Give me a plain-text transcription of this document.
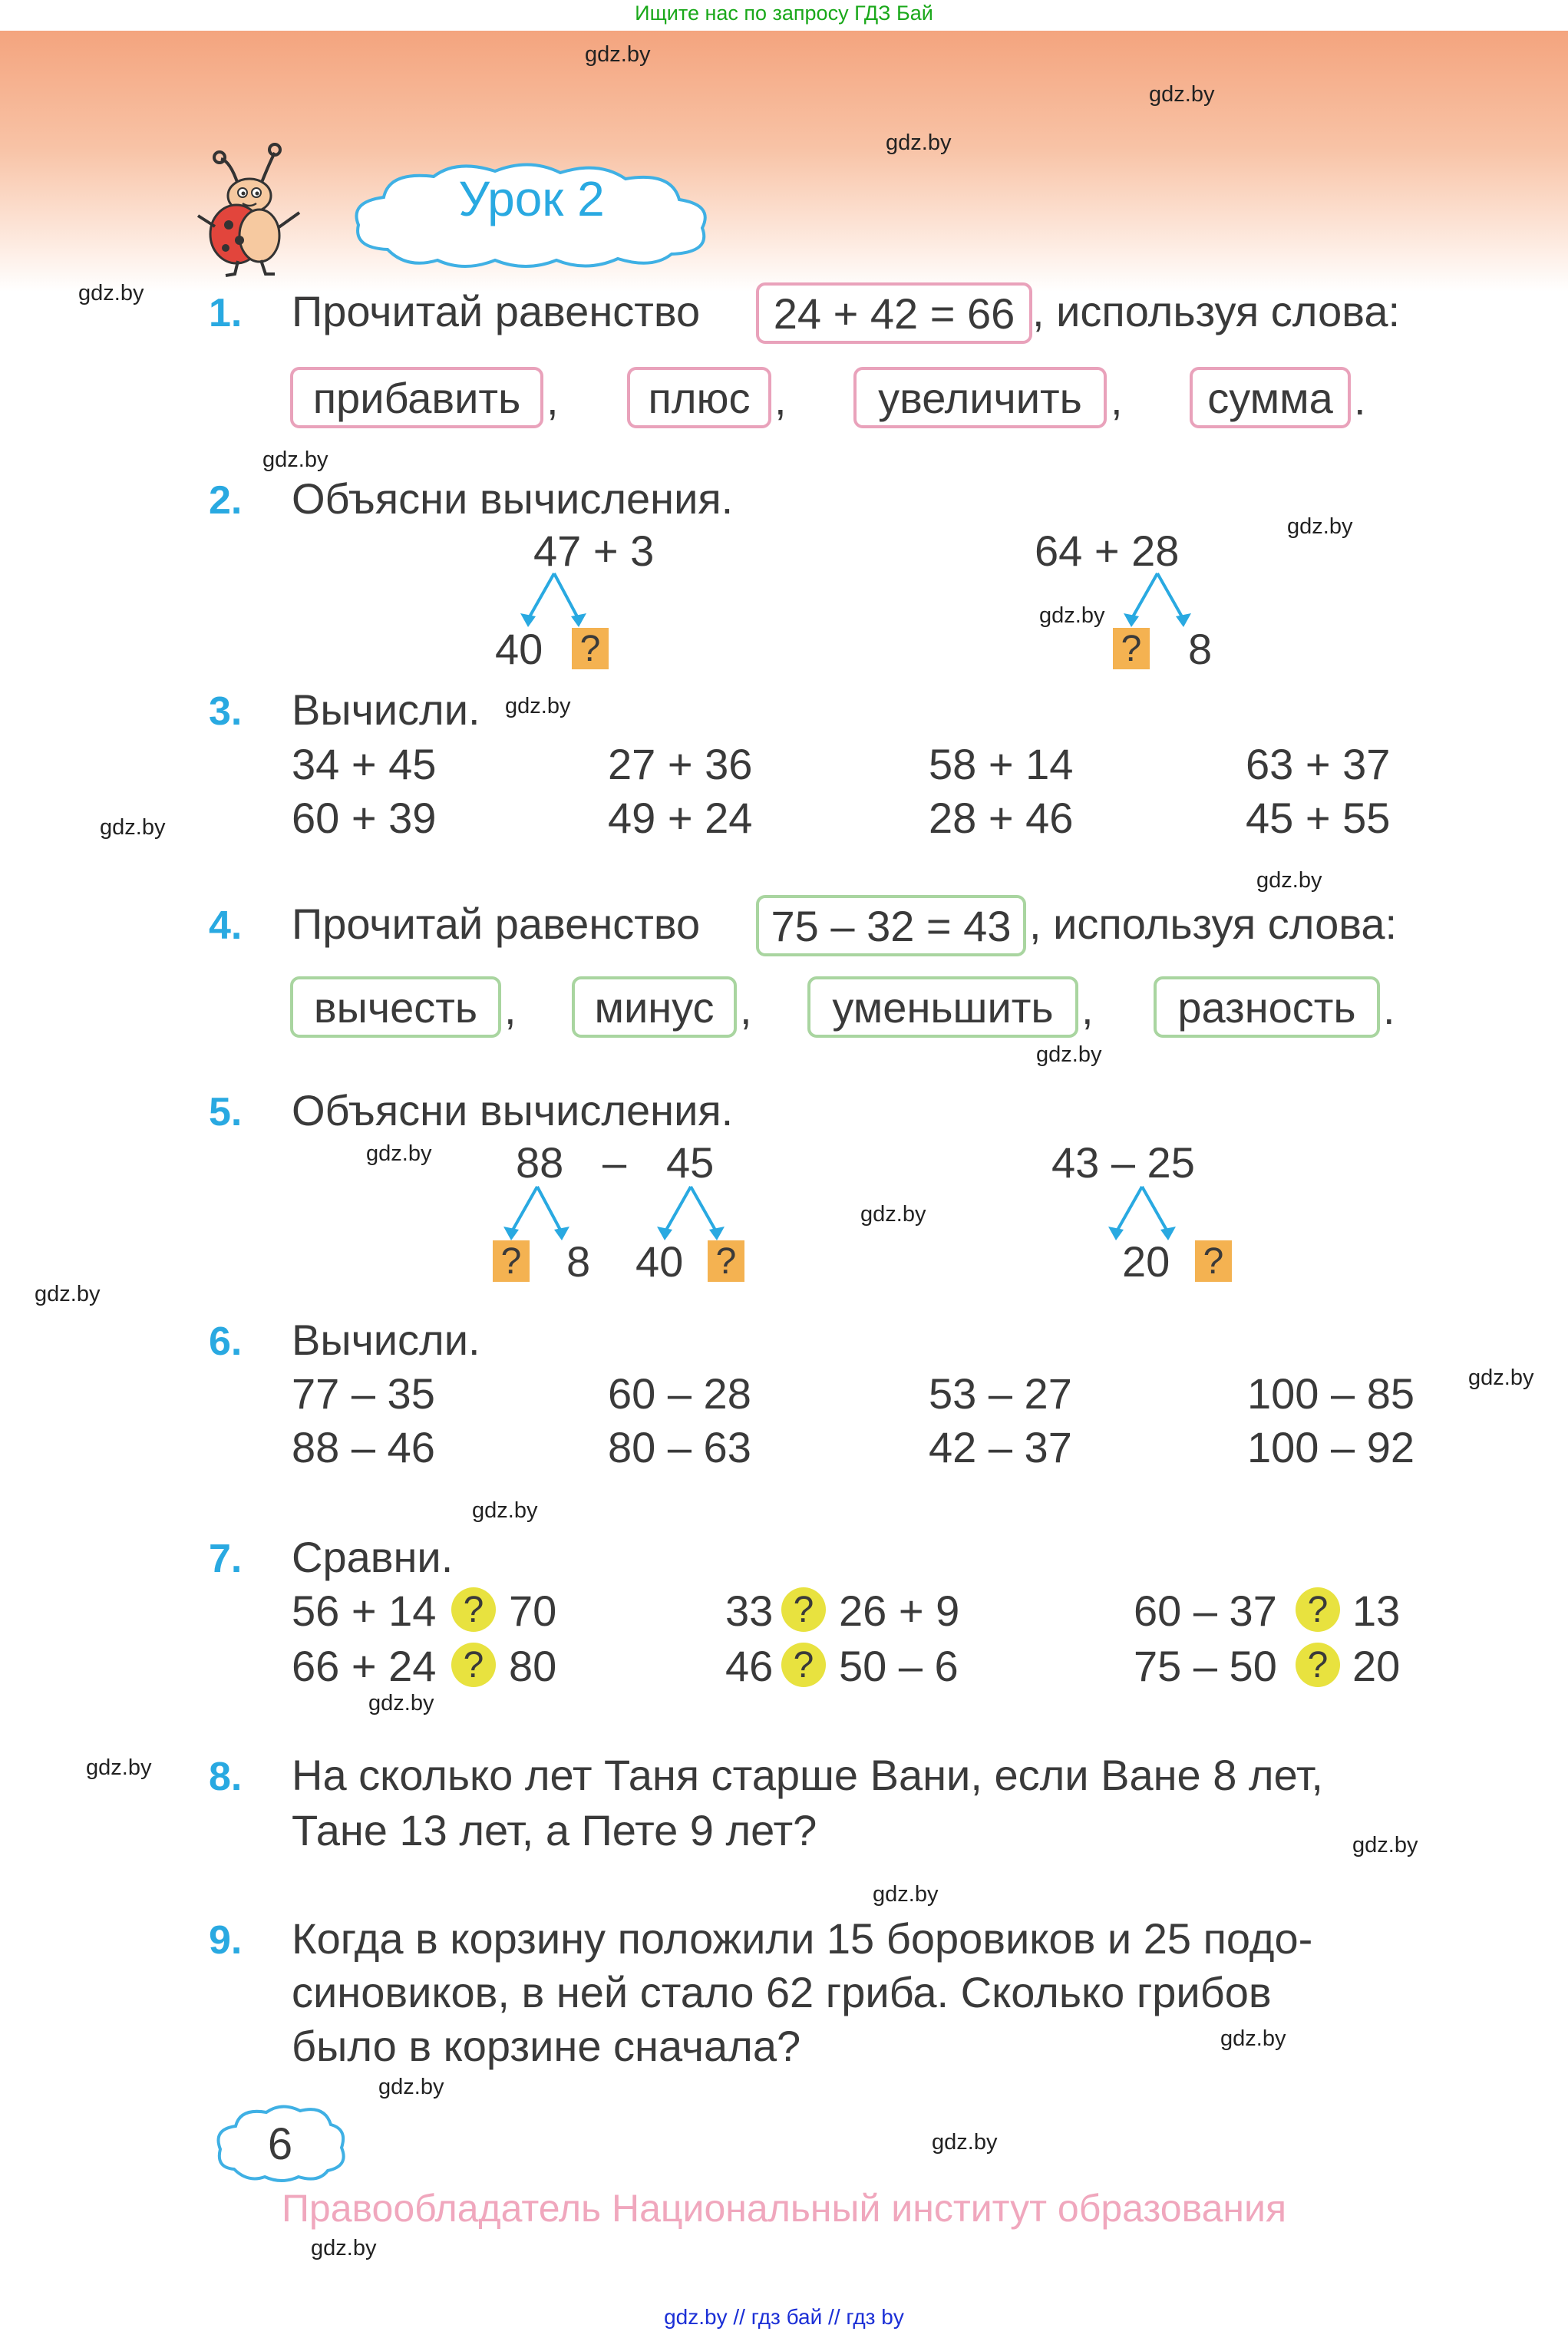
Ищите нас по запросу ГДЗ Бай
Урок 2
1. Прочитай равенство	24 + 42 = 66 , используя слова:
прибавить ,	плюс ,	увеличить ,	сумма .
2. Объясни вычисления.
47 + 3
40 ?
64 + 28
? 8
3. Вычисли.
34 + 45	27 + 36	58 + 14	63 + 37
60 + 39	49 + 24	28 + 46	45 + 55
4. Прочитай равенство	75 – 32 = 43 , используя слова:
вычесть ,	минус ,	уменьшить ,	разность .
5. Объясни вычисления.
88 – 45
? 8 40 ?
43 – 25
20 ?
6. Вычисли.
77 – 35	60 – 28	53 – 27	100 – 85
88 – 46	80 – 63	42 – 37	100 – 92
7. Сравни.
56 + 14 ? 70	33 ? 26 + 9	60 – 37 ? 13
66 + 24 ? 80	46 ? 50 – 6	75 – 50 ? 20
8. На сколько лет Таня старше Вани, если Ване 8 лет,
Тане 13 лет, а Пете 9 лет?
9. Когда в корзину положили 15 боровиков и 25 подо-
синовиков, в ней стало 62 гриба. Сколько грибов
было в корзине сначала?
6
Правообладатель Национальный институт образования
gdz.by // гдз бай // гдз by
gdz.by
gdz.by
gdz.by
gdz.by
gdz.by
gdz.by
gdz.by
gdz.by
gdz.by
gdz.by
gdz.by
gdz.by
gdz.by
gdz.by
gdz.by
gdz.by
gdz.by
gdz.by
gdz.by
gdz.by
gdz.by
gdz.by
gdz.by
gdz.by
